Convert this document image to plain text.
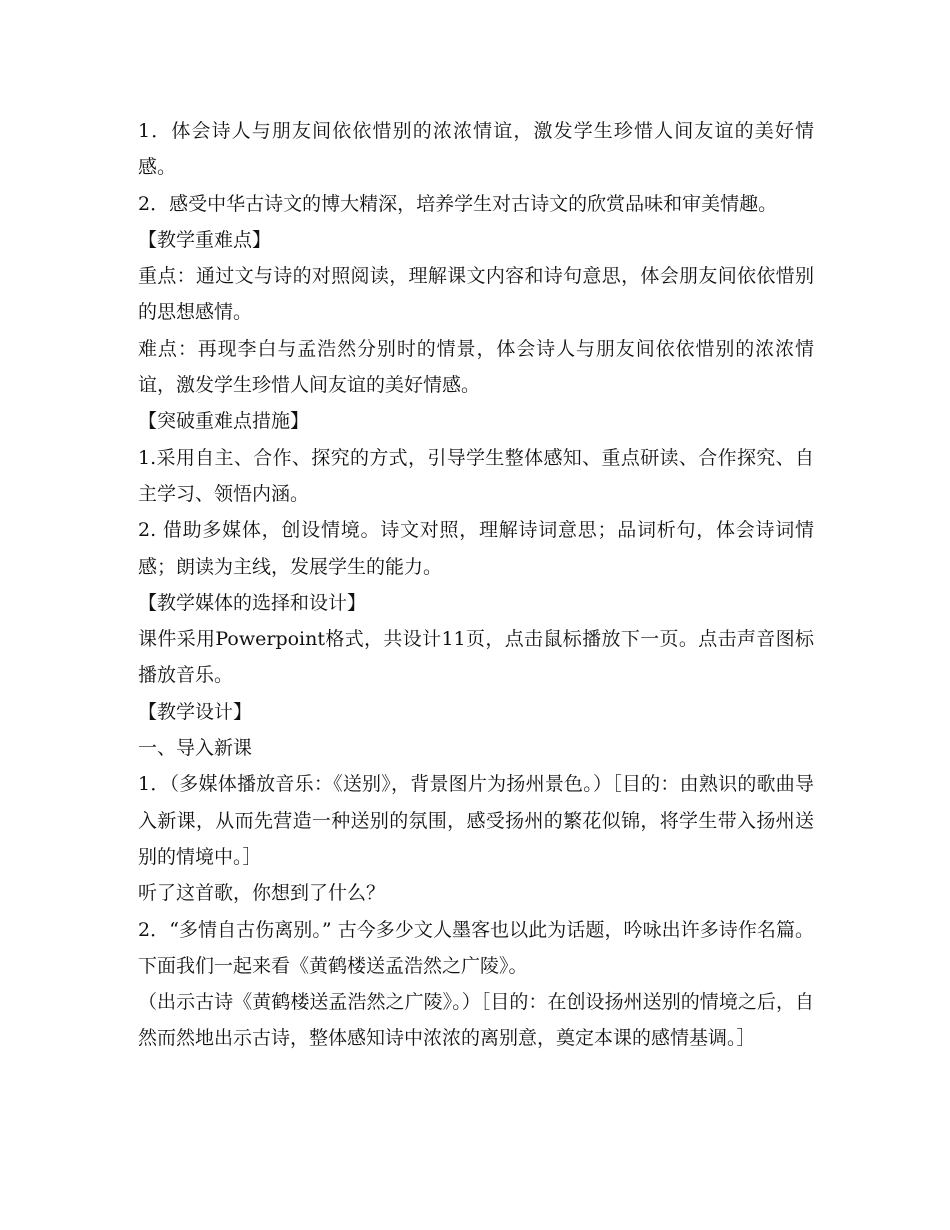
1．体会诗人与朋友间依依惜别的浓浓情谊，激发学生珍惜人间友谊的美好情感。

2．感受中华古诗文的博大精深，培养学生对古诗文的欣赏品味和审美情趣。

【教学重难点】

重点：通过文与诗的对照阅读，理解课文内容和诗句意思，体会朋友间依依惜别的思想感情。

难点：再现李白与孟浩然分别时的情景，体会诗人与朋友间依依惜别的浓浓情谊，激发学生珍惜人间友谊的美好情感。

【突破重难点措施】

1.采用自主、合作、探究的方式，引导学生整体感知、重点研读、合作探究、自主学习、领悟内涵。

2. 借助多媒体，创设情境。诗文对照，理解诗词意思；品词析句，体会诗词情感；朗读为主线，发展学生的能力。

【教学媒体的选择和设计】

课件采用Powerpoint格式，共设计11页，点击鼠标播放下一页。点击声音图标播放音乐。

【教学设计】

一、导入新课

1．（多媒体播放音乐：《送别》，背景图片为扬州景色。）［目的：由熟识的歌曲导入新课，从而先营造一种送别的氛围，感受扬州的繁花似锦，将学生带入扬州送别的情境中。］

听了这首歌，你想到了什么？

2．“多情自古伤离别。” 古今多少文人墨客也以此为话题，吟咏出许多诗作名篇。下面我们一起来看《黄鹤楼送孟浩然之广陵》。

（出示古诗《黄鹤楼送孟浩然之广陵》。）［目的：在创设扬州送别的情境之后，自然而然地出示古诗，整体感知诗中浓浓的离别意，奠定本课的感情基调。］
